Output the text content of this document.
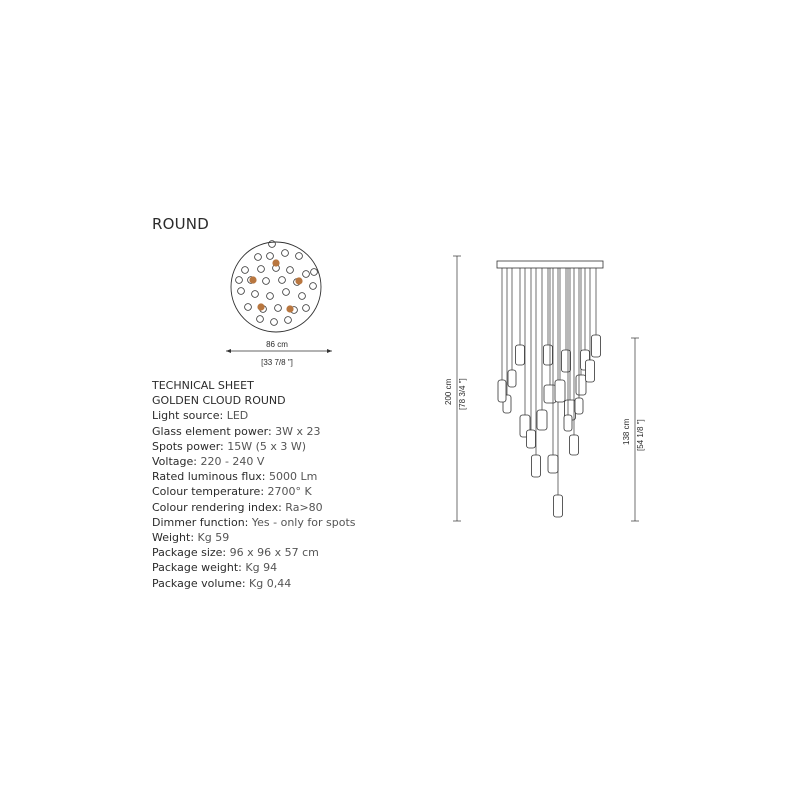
ROUND
86 cm
[33 7/8 "]
TECHNICAL SHEET
GOLDEN CLOUD ROUND
Light source: LED
Glass element power: 3W x 23
Spots power: 15W (5 x 3 W)
Voltage: 220 - 240 V
Rated luminous flux: 5000 Lm
Colour temperature: 2700° K
Colour rendering index: Ra>80
Dimmer function: Yes - only for spots
Weight: Kg 59
Package size: 96 x 96 x 57 cm
Package weight: Kg 94
Package volume: Kg 0,44
200 cm [78 3/4 "]
138 cm [54 1/8 "]
